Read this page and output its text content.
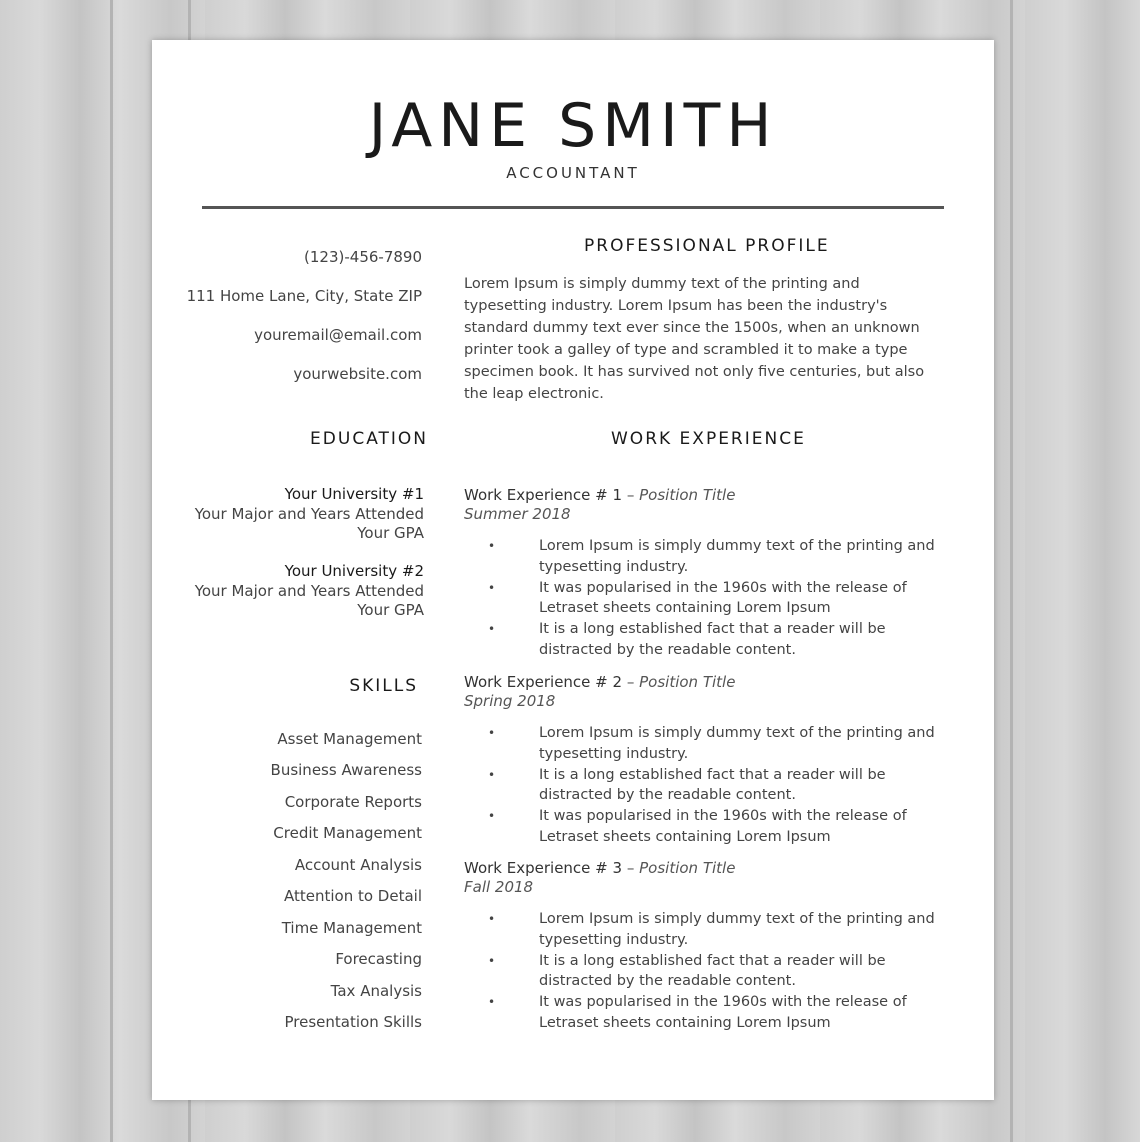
JANE SMITH
ACCOUNTANT
(123)-456-7890
111 Home Lane, City, State ZIP
youremail@email.com
yourwebsite.com
PROFESSIONAL PROFILE
Lorem Ipsum is simply dummy text of the printing and typesetting industry. Lorem Ipsum has been the industry's standard dummy text ever since the 1500s, when an unknown printer took a galley of type and scrambled it to make a type specimen book. It has survived not only five centuries, but also the leap electronic.
EDUCATION
Your University #1
Your Major and Years Attended
Your GPA
Your University #2
Your Major and Years Attended
Your GPA
SKILLS
Asset Management
Business Awareness
Corporate Reports
Credit Management
Account Analysis
Attention to Detail
Time Management
Forecasting
Tax Analysis
Presentation Skills
WORK EXPERIENCE
Work Experience # 1 – Position Title
Summer 2018
•	Lorem Ipsum is simply dummy text of the printing and typesetting industry.
•	It was popularised in the 1960s with the release of Letraset sheets containing Lorem Ipsum
•	It is a long established fact that a reader will be distracted by the readable content.
Work Experience # 2 – Position Title
Spring 2018
•	Lorem Ipsum is simply dummy text of the printing and typesetting industry.
•	It is a long established fact that a reader will be distracted by the readable content.
•	It was popularised in the 1960s with the release of Letraset sheets containing Lorem Ipsum
Work Experience # 3 – Position Title
Fall 2018
•	Lorem Ipsum is simply dummy text of the printing and typesetting industry.
•	It is a long established fact that a reader will be distracted by the readable content.
•	It was popularised in the 1960s with the release of Letraset sheets containing Lorem Ipsum
